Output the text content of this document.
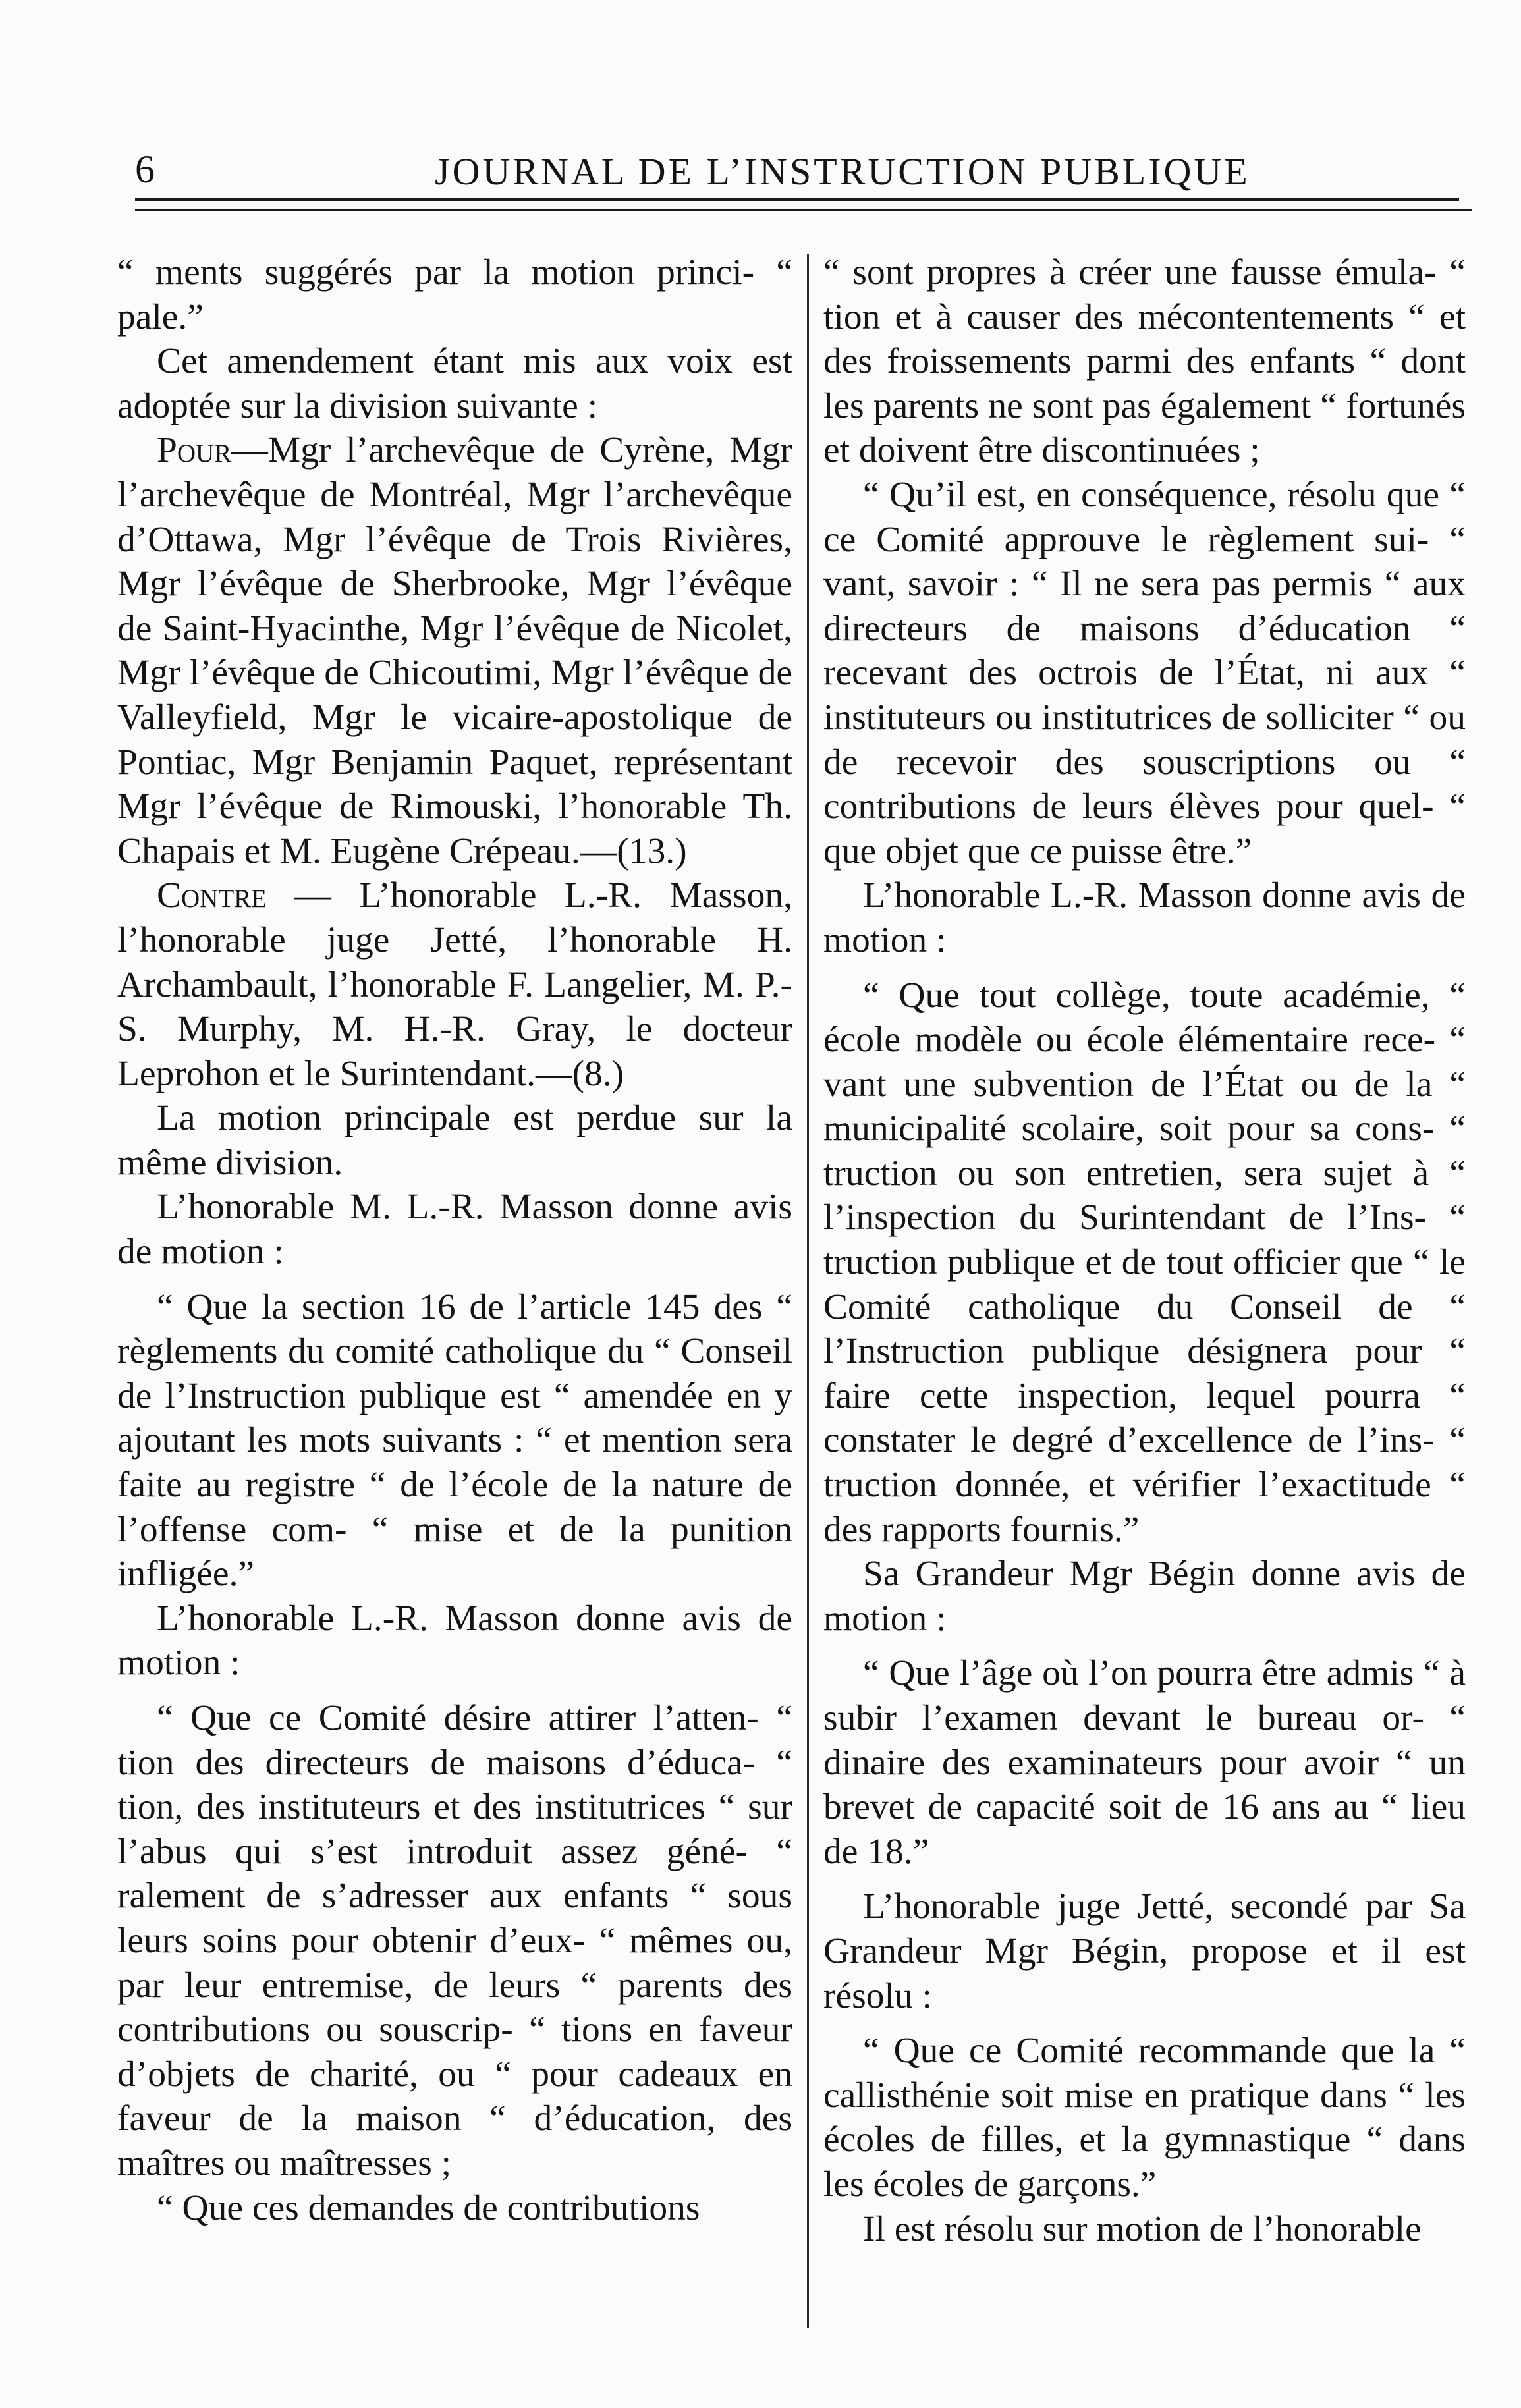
6	JOURNAL DE L’INSTRUCTION PUBLIQUE

“ ments suggérés par la motion princi- “ pale.”

Cet amendement étant mis aux voix est adoptée sur la division suivante :

Pour—Mgr l’archevêque de Cyrène, Mgr l’archevêque de Montréal, Mgr l’archevêque d’Ottawa, Mgr l’évêque de Trois Rivières, Mgr l’évêque de Sherbrooke, Mgr l’évêque de Saint-Hyacinthe, Mgr l’évêque de Nicolet, Mgr l’évêque de Chicoutimi, Mgr l’évêque de Valleyfield, Mgr le vicaire-apostolique de Pontiac, Mgr Benjamin Paquet, représentant Mgr l’évêque de Rimouski, l’honorable Th. Chapais et M. Eugène Crépeau.—(13.)

Contre — L’honorable L.-R. Masson, l’honorable juge Jetté, l’honorable H. Archambault, l’honorable F. Langelier, M. P.-S. Murphy, M. H.-R. Gray, le docteur Leprohon et le Surintendant.—(8.)

La motion principale est perdue sur la même division.

L’honorable M. L.-R. Masson donne avis de motion :

“ Que la section 16 de l’article 145 des “ règlements du comité catholique du “ Conseil de l’Instruction publique est “ amendée en y ajoutant les mots suivants : “ et mention sera faite au registre “ de l’école de la nature de l’offense com- “ mise et de la punition infligée.”

L’honorable L.-R. Masson donne avis de motion :

“ Que ce Comité désire attirer l’atten- “ tion des directeurs de maisons d’éduca- “ tion, des instituteurs et des institutrices “ sur l’abus qui s’est introduit assez géné- “ ralement de s’adresser aux enfants “ sous leurs soins pour obtenir d’eux- “ mêmes ou, par leur entremise, de leurs “ parents des contributions ou souscrip- “ tions en faveur d’objets de charité, ou “ pour cadeaux en faveur de la maison “ d’éducation, des maîtres ou maîtresses ;

“ Que ces demandes de contributions

“ sont propres à créer une fausse émula- “ tion et à causer des mécontentements “ et des froissements parmi des enfants “ dont les parents ne sont pas également “ fortunés et doivent être discontinuées ;

“ Qu’il est, en conséquence, résolu que “ ce Comité approuve le règlement sui- “ vant, savoir : “ Il ne sera pas permis “ aux directeurs de maisons d’éducation “ recevant des octrois de l’État, ni aux “ instituteurs ou institutrices de solliciter “ ou de recevoir des souscriptions ou “ contributions de leurs élèves pour quel- “ que objet que ce puisse être.”

L’honorable L.-R. Masson donne avis de motion :

“ Que tout collège, toute académie, “ école modèle ou école élémentaire rece- “ vant une subvention de l’État ou de la “ municipalité scolaire, soit pour sa cons- “ truction ou son entretien, sera sujet à “ l’inspection du Surintendant de l’Ins- “ truction publique et de tout officier que “ le Comité catholique du Conseil de “ l’Instruction publique désignera pour “ faire cette inspection, lequel pourra “ constater le degré d’excellence de l’ins- “ truction donnée, et vérifier l’exactitude “ des rapports fournis.”

Sa Grandeur Mgr Bégin donne avis de motion :

“ Que l’âge où l’on pourra être admis “ à subir l’examen devant le bureau or- “ dinaire des examinateurs pour avoir “ un brevet de capacité soit de 16 ans au “ lieu de 18.”

L’honorable juge Jetté, secondé par Sa Grandeur Mgr Bégin, propose et il est résolu :

“ Que ce Comité recommande que la “ callisthénie soit mise en pratique dans “ les écoles de filles, et la gymnastique “ dans les écoles de garçons.”

Il est résolu sur motion de l’honorable
